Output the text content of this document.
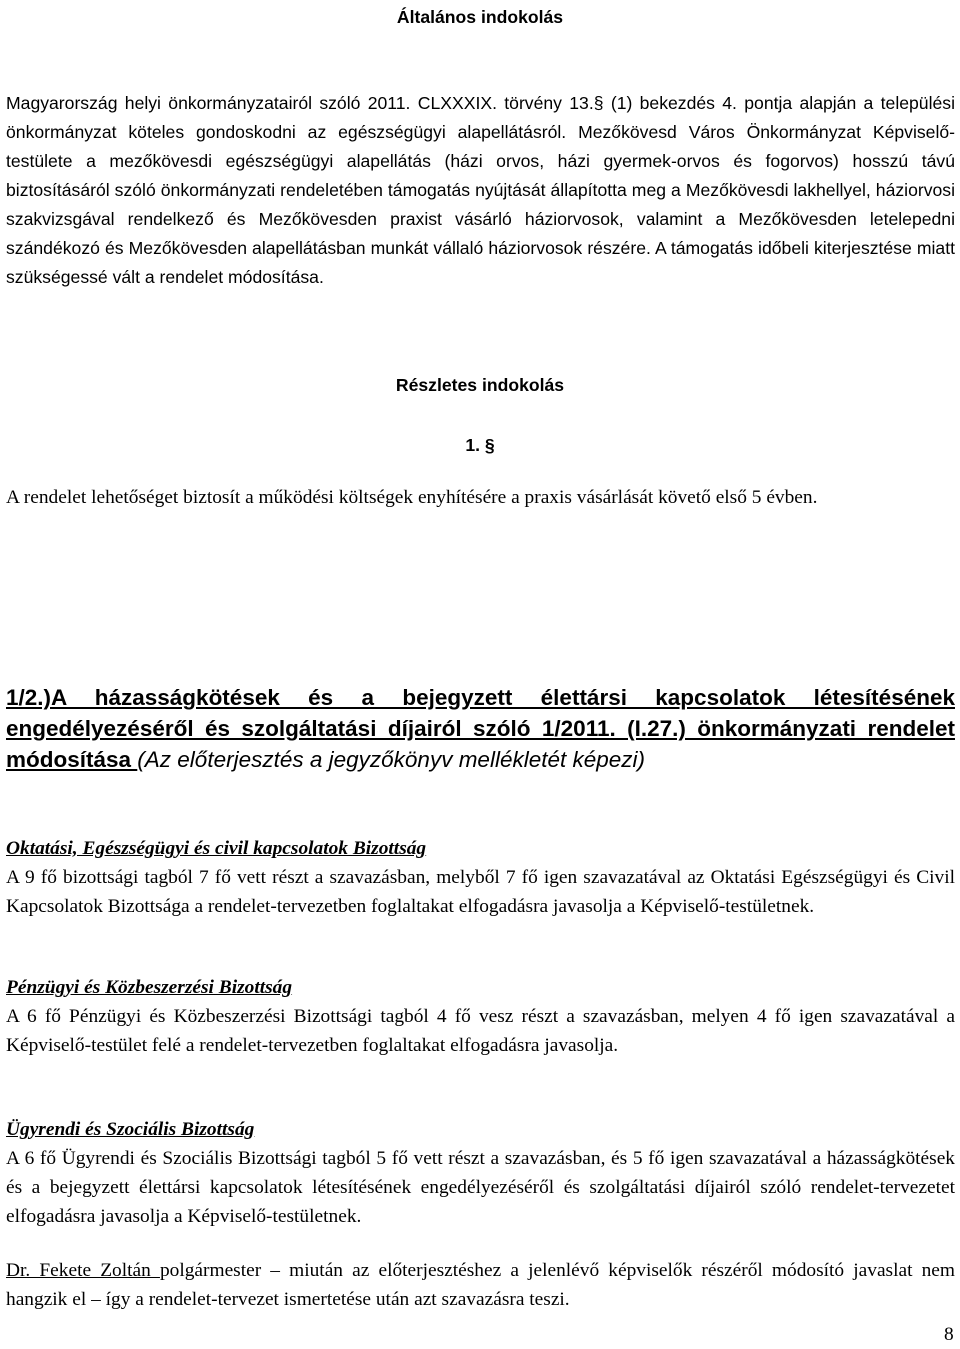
Általános indokolás
Magyarország helyi önkormányzatairól szóló 2011. CLXXXIX. törvény 13.§ (1) bekezdés 4. pontja alapján a települési önkormányzat köteles gondoskodni az egészségügyi alapellátásról. Mezőkövesd Város Önkormányzat Képviselő-testülete a mezőkövesdi egészségügyi alapellátás (házi orvos, házi gyermek-orvos és fogorvos) hosszú távú biztosításáról szóló önkormányzati rendeletében támogatás nyújtását állapította meg a Mezőkövesdi lakhellyel, háziorvosi szakvizsgával rendelkező és Mezőkövesden praxist vásárló háziorvosok, valamint a Mezőkövesden letelepedni szándékozó és Mezőkövesden alapellátásban munkát vállaló háziorvosok részére. A támogatás időbeli kiterjesztése miatt szükségessé vált a rendelet módosítása.
Részletes indokolás
1. §
A rendelet lehetőséget biztosít a működési költségek enyhítésére a praxis vásárlását követő első 5 évben.
1/2.)A házasságkötések és a bejegyzett élettársi kapcsolatok létesítésének engedélyezéséről és szolgáltatási díjairól szóló 1/2011. (I.27.) önkormányzati rendelet módosítása (Az előterjesztés a jegyzőkönyv mellékletét képezi)
Oktatási, Egészségügyi és civil kapcsolatok Bizottság
A 9 fő bizottsági tagból 7 fő vett részt a szavazásban, melyből 7 fő igen szavazatával az Oktatási Egészségügyi és Civil Kapcsolatok Bizottsága a rendelet-tervezetben foglaltakat elfogadásra javasolja a Képviselő-testületnek.
Pénzügyi és Közbeszerzési Bizottság
A 6 fő Pénzügyi és Közbeszerzési Bizottsági tagból 4 fő vesz részt a szavazásban, melyen 4 fő igen szavazatával a Képviselő-testület felé a rendelet-tervezetben foglaltakat elfogadásra javasolja.
Ügyrendi és Szociális Bizottság
A 6 fő Ügyrendi és Szociális Bizottsági tagból 5 fő vett részt a szavazásban, és 5 fő igen szavazatával a házasságkötések és a bejegyzett élettársi kapcsolatok létesítésének engedélyezéséről és szolgáltatási díjairól szóló rendelet-tervezetet elfogadásra javasolja a Képviselő-testületnek.
Dr. Fekete Zoltán polgármester – miután az előterjesztéshez a jelenlévő képviselők részéről módosító javaslat nem hangzik el – így a rendelet-tervezet ismertetése után azt szavazásra teszi.
8
